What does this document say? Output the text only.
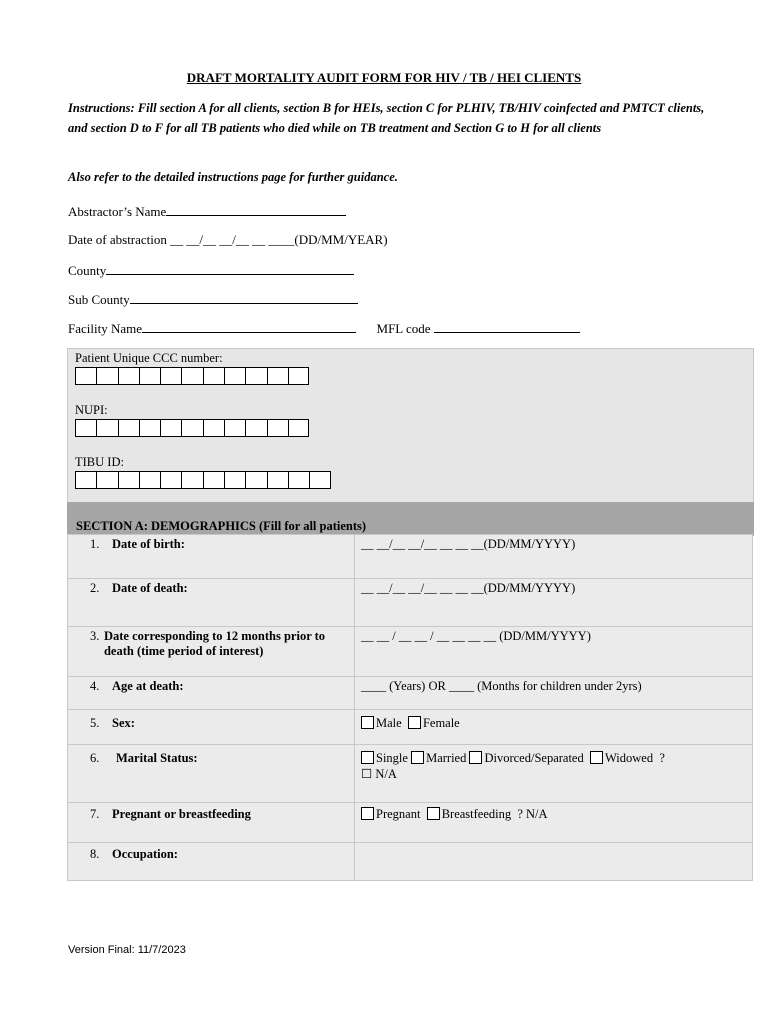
DRAFT MORTALITY AUDIT FORM FOR HIV / TB / HEI CLIENTS
Instructions: Fill section A for all clients, section B for HEIs, section C for PLHIV, TB/HIV coinfected and PMTCT clients, and section D to F for all TB patients who died while on TB treatment and Section G to H for all clients
Also refer to the detailed instructions page for further guidance.
Abstractor’s Name
Date of abstraction __ __/__ __/__ __ ____(DD/MM/YEAR)
County
Sub County
Facility Name	MFL code
Patient Unique CCC number:
NUPI:
TIBU ID:
SECTION A: DEMOGRAPHICS (Fill for all patients)
1. Date of birth:	__ __/__ __/__ __ __ __(DD/MM/YYYY)

2. Date of death:	__ __/__ __/__ __ __ __(DD/MM/YYYY)

3. Date corresponding to 12 months prior to death (time period of interest)	__ __ / __ __ / __ __ __ __ (DD/MM/YYYY)

4. Age at death:	____ (Years) OR ____ (Months for children under 2yrs)

5. Sex:	Male Female

6. Marital Status:	Single Married Divorced/Separated Widowed ?
☐ N/A

7. Pregnant or breastfeeding	Pregnant Breastfeeding ? N/A

8. Occupation:	

Version Final: 11/7/2023
